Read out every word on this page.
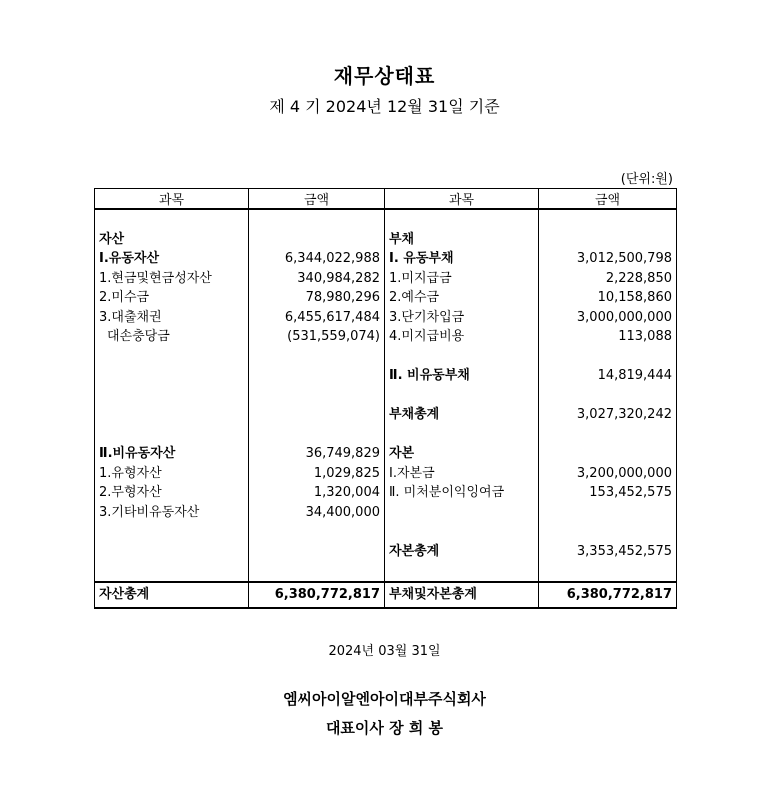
재무상태표
제 4 기 2024년 12월 31일 기준
(단위:원)
과목	금액	과목	금액

자산		부채	
Ⅰ.유동자산	6,344,022,988	Ⅰ. 유동부채	3,012,500,798
1.현금및현금성자산	340,984,282	1.미지급금	2,228,850
2.미수금	78,980,296	2.예수금	10,158,860
3.대출채권	6,455,617,484	3.단기차입금	3,000,000,000
대손충당금	(531,559,074)	4.미지급비용	113,088

		Ⅱ. 비유동부채	14,819,444

		부채총계	3,027,320,242

Ⅱ.비유동자산	36,749,829	자본	
1.유형자산	1,029,825	Ⅰ.자본금	3,200,000,000
2.무형자산	1,320,004	Ⅱ. 미처분이익잉여금	153,452,575
3.기타비유동자산	34,400,000		

		자본총계	3,353,452,575

자산총계	6,380,772,817	부채및자본총계	6,380,772,817
2024년 03월 31일
엠씨아이알엔아이대부주식회사
대표이사 장 희 봉
